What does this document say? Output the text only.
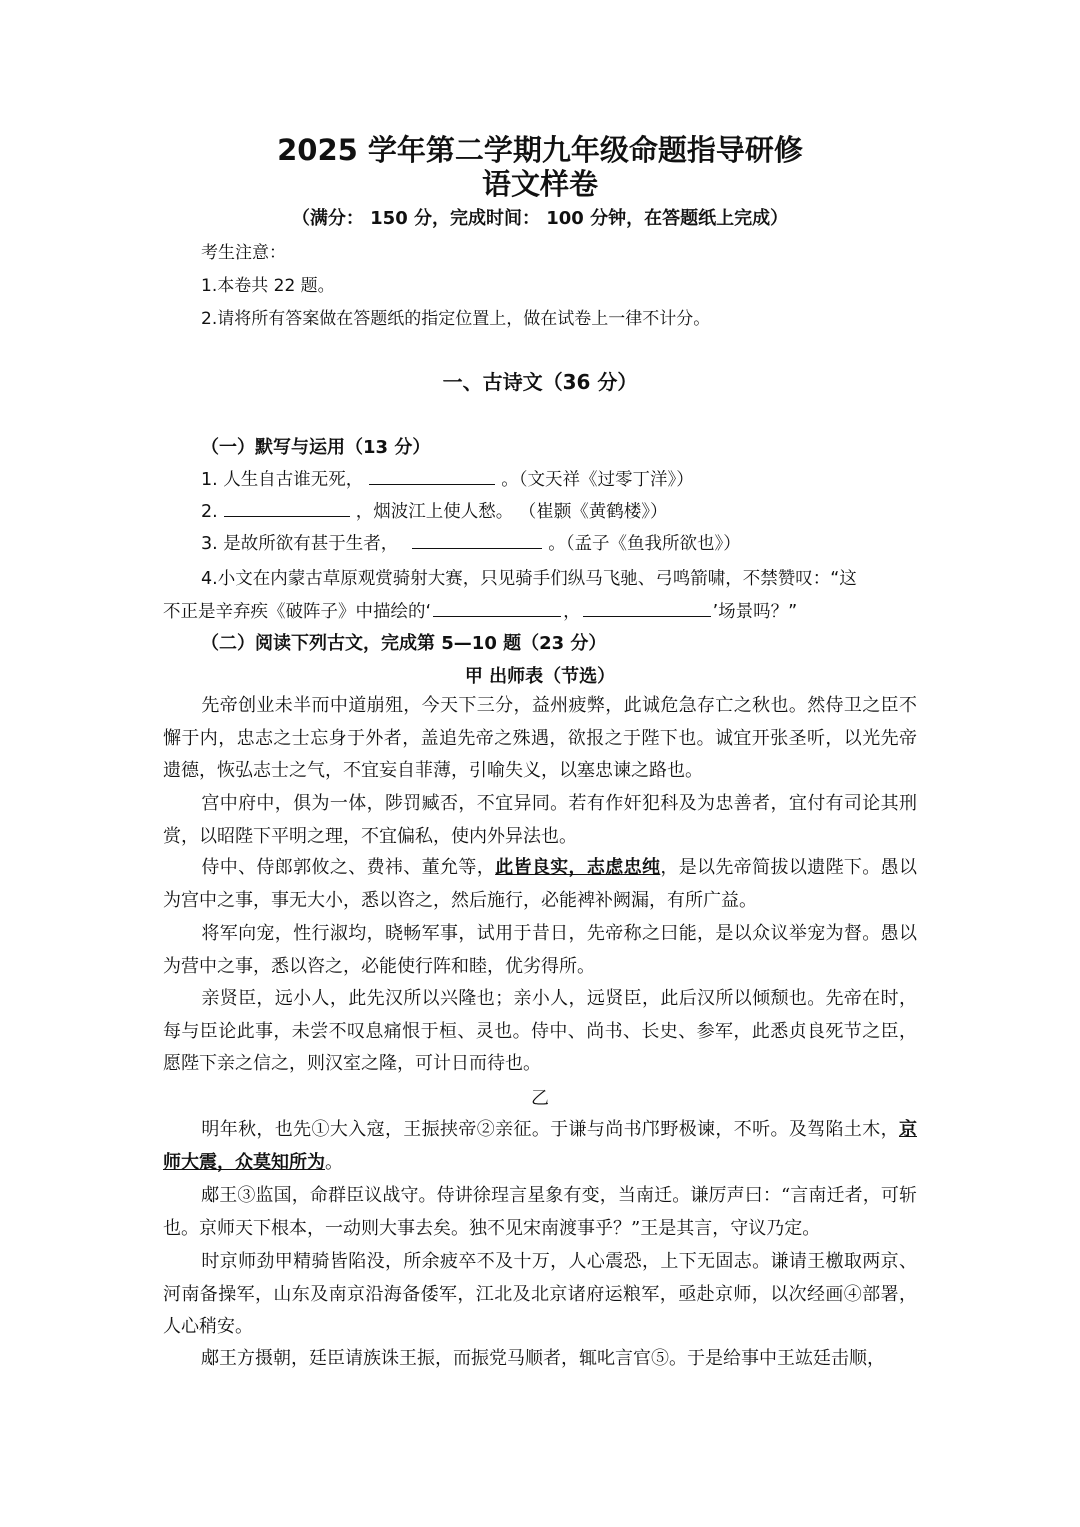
2025 学年第二学期九年级命题指导研修
语文样卷
（满分： 150 分，完成时间： 100 分钟，在答题纸上完成）
考生注意：
1.本卷共 22 题。
2.请将所有答案做在答题纸的指定位置上，做在试卷上一律不计分。
一、古诗文（36 分）
（一）默写与运用（13 分）
1. 人生自古谁无死，	。（文天祥《过零丁洋》）
2.	，烟波江上使人愁。 （崔颢《黄鹤楼》）
3. 是故所欲有甚于生者，	。（孟子《鱼我所欲也》）
4.小文在内蒙古草原观赏骑射大赛，只见骑手们纵马飞驰、弓鸣箭啸，不禁赞叹：“这
不正是辛弃疾《破阵子》中描绘的‘	，	’场景吗？”
（二）阅读下列古文，完成第 5—10 题（23 分）
甲 出师表（节选）
先帝创业未半而中道崩殂，今天下三分，益州疲弊，此诚危急存亡之秋也。然侍卫之臣不懈于内，忠志之士忘身于外者，盖追先帝之殊遇，欲报之于陛下也。诚宜开张圣听，以光先帝遗德，恢弘志士之气，不宜妄自菲薄，引喻失义，以塞忠谏之路也。
宫中府中，俱为一体，陟罚臧否，不宜异同。若有作奸犯科及为忠善者，宜付有司论其刑赏，以昭陛下平明之理，不宜偏私，使内外异法也。
侍中、侍郎郭攸之、费祎、董允等，此皆良实，志虑忠纯，是以先帝简拔以遗陛下。愚以为宫中之事，事无大小，悉以咨之，然后施行，必能裨补阙漏，有所广益。
将军向宠，性行淑均，晓畅军事，试用于昔日，先帝称之曰能，是以众议举宠为督。愚以为营中之事，悉以咨之，必能使行阵和睦，优劣得所。
亲贤臣，远小人，此先汉所以兴隆也；亲小人，远贤臣，此后汉所以倾颓也。先帝在时，每与臣论此事，未尝不叹息痛恨于桓、灵也。侍中、尚书、长史、参军，此悉贞良死节之臣，愿陛下亲之信之，则汉室之隆，可计日而待也。
乙
明年秋，也先①大入寇，王振挟帝②亲征。于谦与尚书邝野极谏，不听。及驾陷土木，京师大震，众莫知所为。
郕王③监国，命群臣议战守。侍讲徐珵言星象有变，当南迁。谦厉声曰：“言南迁者，可斩也。京师天下根本，一动则大事去矣。独不见宋南渡事乎？”王是其言，守议乃定。
时京师劲甲精骑皆陷没，所余疲卒不及十万，人心震恐，上下无固志。谦请王檄取两京、河南备操军，山东及南京沿海备倭军，江北及北京诸府运粮军，亟赴京师，以次经画④部署，人心稍安。
郕王方摄朝，廷臣请族诛王振，而振党马顺者，辄叱言官⑤。于是给事中王竑廷击顺，
